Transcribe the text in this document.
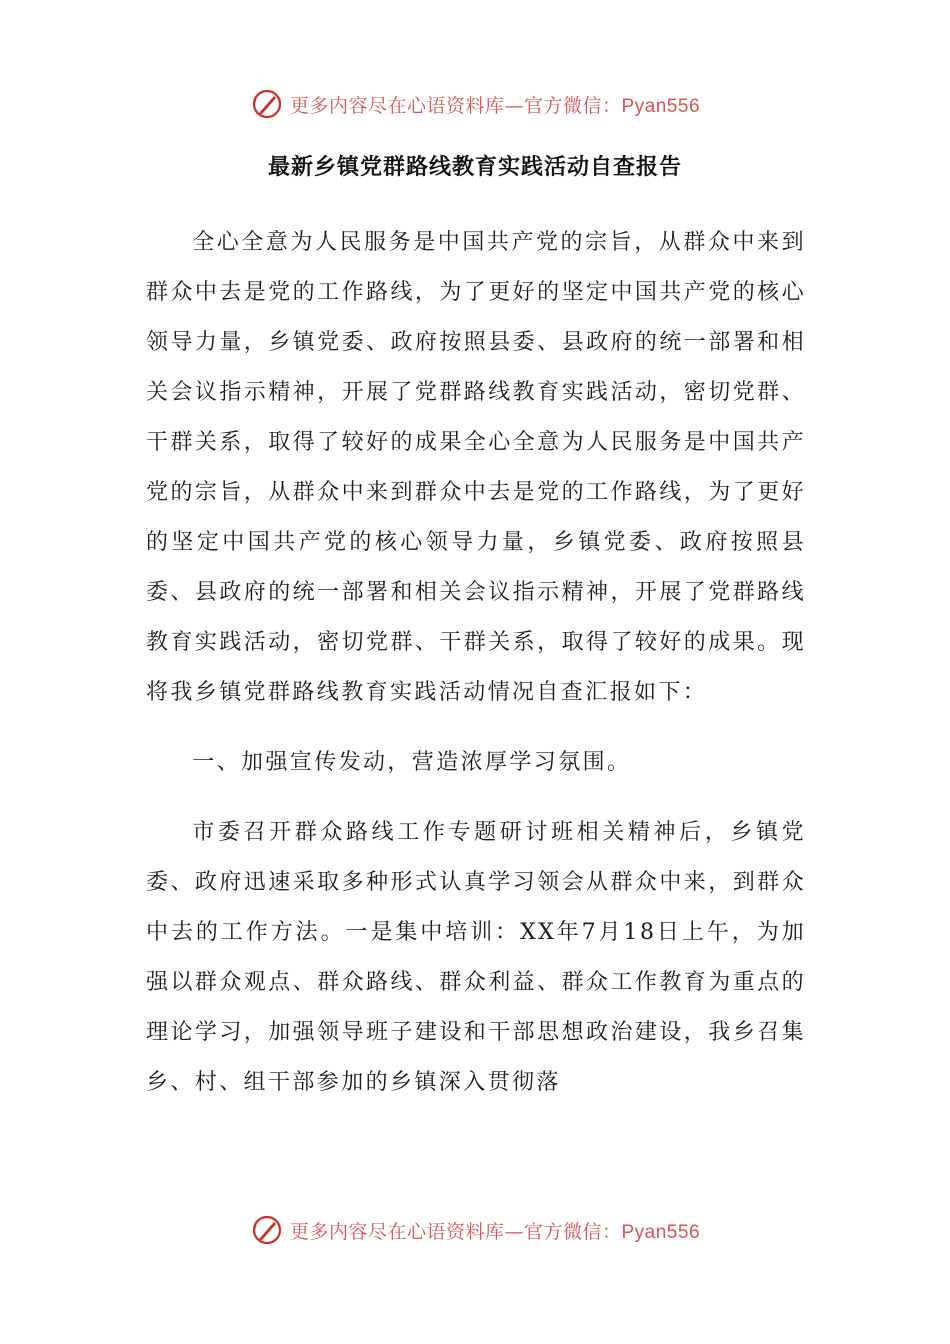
更多内容尽在心语资料库—官方微信：Pyan556
最新乡镇党群路线教育实践活动自查报告

全心全意为人民服务是中国共产党的宗旨，从群众中来到群众中去是党的工作路线，为了更好的坚定中国共产党的核心领导力量，乡镇党委、政府按照县委、县政府的统一部署和相关会议指示精神，开展了党群路线教育实践活动，密切党群、干群关系，取得了较好的成果全心全意为人民服务是中国共产党的宗旨，从群众中来到群众中去是党的工作路线，为了更好的坚定中国共产党的核心领导力量，乡镇党委、政府按照县委、县政府的统一部署和相关会议指示精神，开展了党群路线教育实践活动，密切党群、干群关系，取得了较好的成果。现将我乡镇党群路线教育实践活动情况自查汇报如下：

一、加强宣传发动，营造浓厚学习氛围。

市委召开群众路线工作专题研讨班相关精神后，乡镇党委、政府迅速采取多种形式认真学习领会从群众中来，到群众中去的工作方法。一是集中培训：XX年7月18日上午，为加强以群众观点、群众路线、群众利益、群众工作教育为重点的理论学习，加强领导班子建设和干部思想政治建设，我乡召集乡、村、组干部参加的乡镇深入贯彻落

更多内容尽在心语资料库—官方微信：Pyan556
